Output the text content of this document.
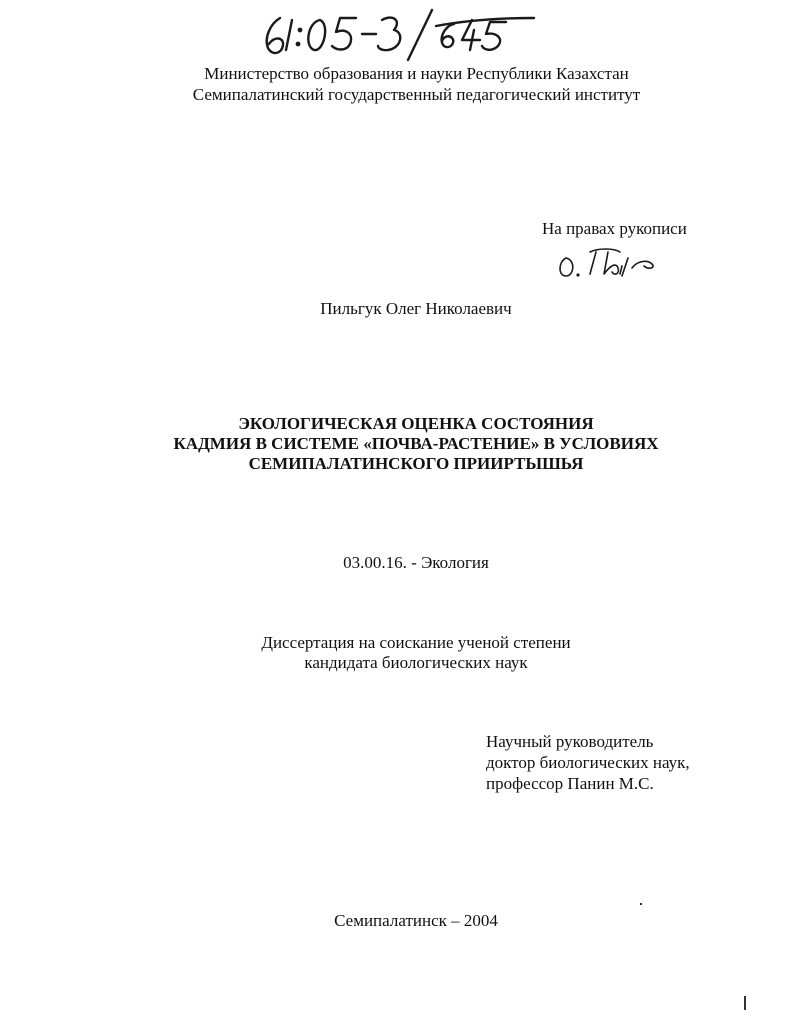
Министерство образования и науки Республики Казахстан
Семипалатинский государственный педагогический институт
На правах рукописи
Пильгук Олег Николаевич
ЭКОЛОГИЧЕСКАЯ ОЦЕНКА СОСТОЯНИЯ
КАДМИЯ В СИСТЕМЕ «ПОЧВА-РАСТЕНИЕ» В УСЛОВИЯХ
СЕМИПАЛАТИНСКОГО ПРИИРТЫШЬЯ
03.00.16. - Экология
Диссертация на соискание ученой степени
кандидата биологических наук
Научный руководитель
доктор биологических наук,
профессор Панин М.С.
Семипалатинск – 2004
